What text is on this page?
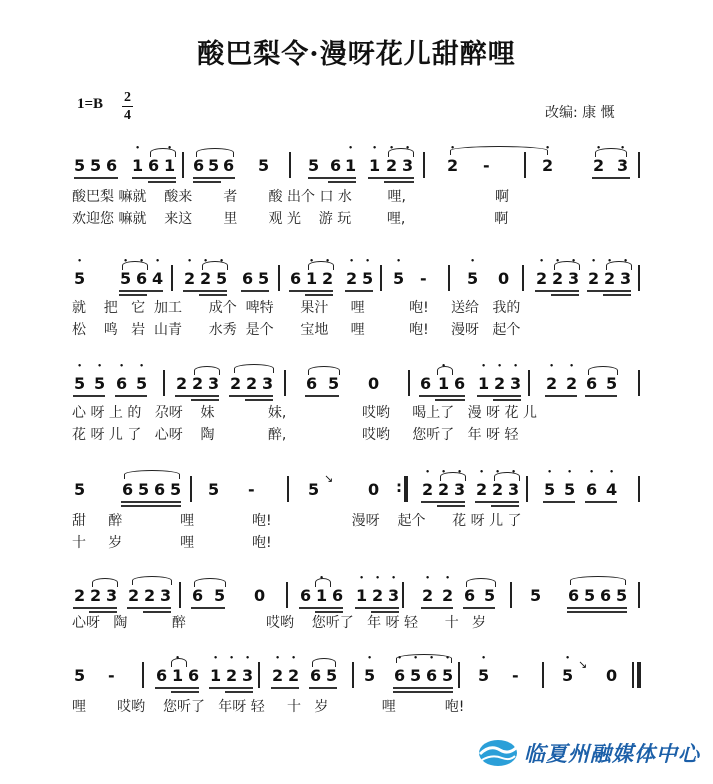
酸巴梨令·漫呀花儿甜醉哩
1=B 2
4	改编: 康 慨
5 5 6 • 1 6 • 1 6 5 6 5 5 6 • 1 • 1 • 2 • 3 • 2 -	• 2 • 2 • 3
酸巴梨 嘛就    酸来       者       酸 出个 口 水        哩,                    啊
欢迎您 嘛就    来这       里       观 光    游 玩        哩,                    啊
• 5 • 5 • 6 • 4 • 2 • 2 • 5 6 5 6 • 1 • 2 • 2 • 5 • 5 -	• 5 0 • 2 • 2 • 3 • 2 • 2 • 3
就    把   它  加工      成个  啤特      果汁     哩          咆!     送给   我的
松    鸣   岩  山青      水秀  是个      宝地     哩          咆!     漫呀   起个
• 5 • 5 • 6 • 5 2 2 3 2 2 3 6 5 0	6 • 1 6 • 1 • 2 • 3 • 2 • 2 6 5
心 呀 上 的   尕呀    妹            妹,                 哎哟     喝上了   漫 呀 花 儿
花 呀 儿 了   心呀    陶            醉,                 哎哟     您听了   年 呀 轻
5 6 5 6 5 5 -	5
↘
0 : • 2 • 2 • 3 • 2 • 2 • 3 • 5 • 5 • 6 • 4
甜     醉             哩             咆!                  漫呀    起个      花 呀 儿 了
十     岁             哩             咆!
2 2 3 2 2 3 6 5 0 6 • 1 6 • 1 • 2 • 3 • 2 • 2 6 5 5 6 5 6 5
心呀   陶          醉                  哎哟    您听了   年 呀 轻      十   岁
5 -	6 • 1 6 • 1 • 2 • 3 • 2 • 2 6 5 • 5 • 6 • 5 • 6 • 5 • 5 -	• 5
↘
0
哩       哎哟    您听了   年呀 轻     十   岁            哩           咆!
临夏州融媒体中心
